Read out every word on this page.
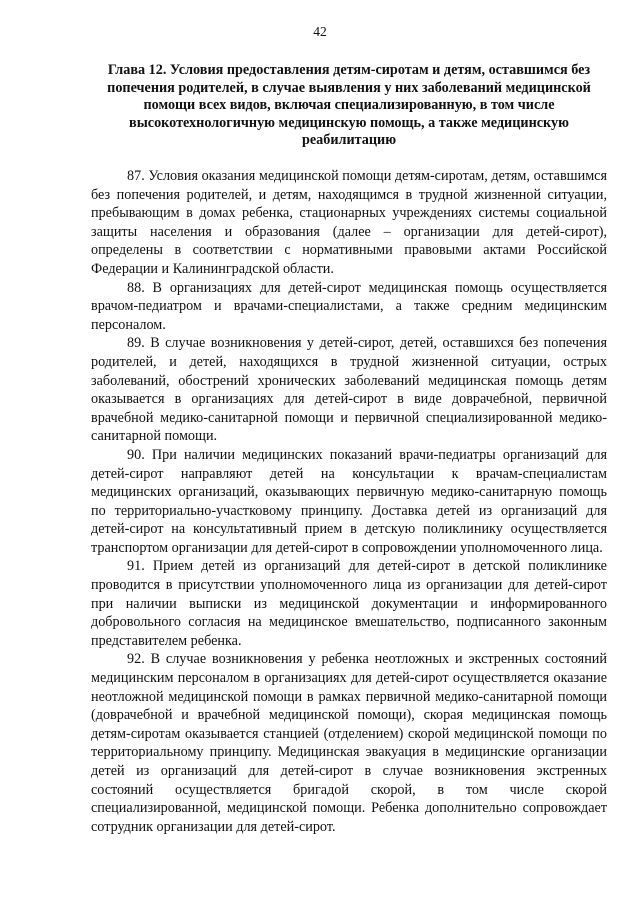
42
Глава 12. Условия предоставления детям-сиротам и детям, оставшимся без попечения родителей, в случае выявления у них заболеваний медицинской помощи всех видов, включая специализированную, в том числе высокотехнологичную медицинскую помощь, а также медицинскую реабилитацию

87. Условия оказания медицинской помощи детям-сиротам, детям, оставшимся без попечения родителей, и детям, находящимся в трудной жизненной ситуации, пребывающим в домах ребенка, стационарных учреждениях системы социальной защиты населения и образования (далее – организации для детей-сирот), определены в соответствии с нормативными правовыми актами Российской Федерации и Калининградской области.

88. В организациях для детей-сирот медицинская помощь осуществляется врачом-педиатром и врачами-специалистами, а также средним медицинским персоналом.

89. В случае возникновения у детей-сирот, детей, оставшихся без попечения родителей, и детей, находящихся в трудной жизненной ситуации, острых заболеваний, обострений хронических заболеваний медицинская помощь детям оказывается в организациях для детей-сирот в виде доврачебной, первичной врачебной медико-санитарной помощи и первичной специализированной медико-санитарной помощи.

90. При наличии медицинских показаний врачи-педиатры организаций для детей-сирот направляют детей на консультации к врачам-специалистам медицинских организаций, оказывающих первичную медико-санитарную помощь по территориально-участковому принципу. Доставка детей из организаций для детей-сирот на консультативный прием в детскую поликлинику осуществляется транспортом организации для детей-сирот в сопровождении уполномоченного лица.

91. Прием детей из организаций для детей-сирот в детской поликлинике проводится в присутствии уполномоченного лица из организации для детей-сирот при наличии выписки из медицинской документации и информированного добровольного согласия на медицинское вмешательство, подписанного законным представителем ребенка.

92. В случае возникновения у ребенка неотложных и экстренных состояний медицинским персоналом в организациях для детей-сирот осуществляется оказание неотложной медицинской помощи в рамках первичной медико-санитарной помощи (доврачебной и врачебной медицинской помощи), скорая медицинская помощь детям-сиротам оказывается станцией (отделением) скорой медицинской помощи по территориальному принципу. Медицинская эвакуация в медицинские организации детей из организаций для детей-сирот в случае возникновения экстренных состояний осуществляется бригадой скорой, в том числе скорой специализированной, медицинской помощи. Ребенка дополнительно сопровождает сотрудник организации для детей-сирот.
